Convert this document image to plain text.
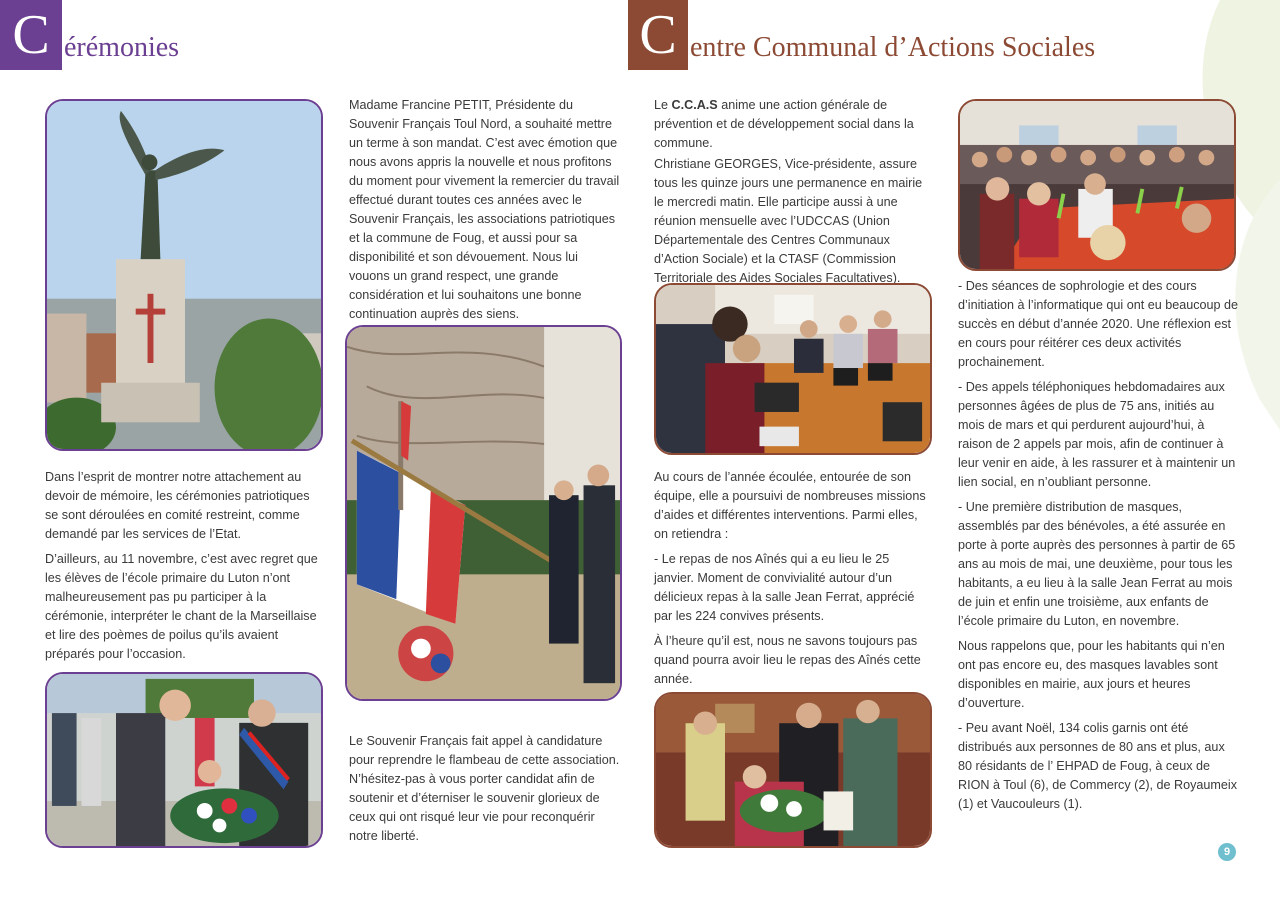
C érémonies	C entre Communal d’Actions Sociales

Dans l’esprit de montrer notre attachement au devoir de mémoire, les cérémonies patriotiques se sont déroulées en comité restreint, comme demandé par les services de l’Etat.

D’ailleurs, au 11 novembre, c’est avec regret que les élèves de l’école primaire du Luton n’ont malheureusement pas pu participer à la cérémonie, interpréter le chant de la Marseillaise et lire des poèmes de poilus qu’ils avaient préparés pour l’occasion.

Madame Francine PETIT, Présidente du Souvenir Français Toul Nord, a souhaité mettre un terme à son mandat. C’est avec émotion que nous avons appris la nouvelle et nous profitons du moment pour vivement la remercier du travail effectué durant toutes ces années avec le Souvenir Français, les associations patriotiques et la commune de Foug, et aussi pour sa disponibilité et son dévouement. Nous lui vouons un grand respect, une grande considération et lui souhaitons une bonne continuation auprès des siens.

Le Souvenir Français fait appel à candidature pour reprendre le flambeau de cette association. N’hésitez-pas à vous porter candidat afin de soutenir et d’éterniser le souvenir glorieux de ceux qui ont risqué leur vie pour reconquérir notre liberté.

Le C.C.A.S anime une action générale de prévention et de développement social dans la commune.

Christiane GEORGES, Vice-présidente, assure tous les quinze jours une permanence en mairie le mercredi matin. Elle participe aussi à une réunion mensuelle avec l’UDCCAS (Union Départementale des Centres Communaux d’Action Sociale) et la CTASF (Commission Territoriale des Aides Sociales Facultatives).

Au cours de l’année écoulée, entourée de son équipe, elle a poursuivi de nombreuses missions d’aides et différentes interventions. Parmi elles, on retiendra :

- Le repas de nos Aînés qui a eu lieu le 25 janvier. Moment de convivialité autour d’un délicieux repas à la salle Jean Ferrat, apprécié par les 224 convives présents.

À l’heure qu’il est, nous ne savons toujours pas quand pourra avoir lieu le repas des Aînés cette année.

- Des séances de sophrologie et des cours d’initiation à l’informatique qui ont eu beaucoup de succès en début d’année 2020. Une réflexion est en cours pour réitérer ces deux activités prochainement.

- Des appels téléphoniques hebdomadaires aux personnes âgées de plus de 75 ans, initiés au mois de mars et qui perdurent aujourd’hui, à raison de 2 appels par mois, afin de continuer à leur venir en aide, à les rassurer et à maintenir un lien social, en n’oubliant personne.

- Une première distribution de masques, assemblés par des bénévoles, a été assurée en porte à porte auprès des personnes à partir de 65 ans au mois de mai, une deuxième, pour tous les habitants, a eu lieu à la salle Jean Ferrat au mois de juin et enfin une troisième, aux enfants de l’école primaire du Luton, en novembre.

Nous rappelons que, pour les habitants qui n’en ont pas encore eu, des masques lavables sont disponibles en mairie, aux jours et heures d’ouverture.

- Peu avant Noël, 134 colis garnis ont été distribués aux personnes de 80 ans et plus, aux 80 résidants de l’ EHPAD de Foug, à ceux de RION à Toul (6), de Commercy (2), de Royaumeix (1) et Vaucouleurs (1).

9
